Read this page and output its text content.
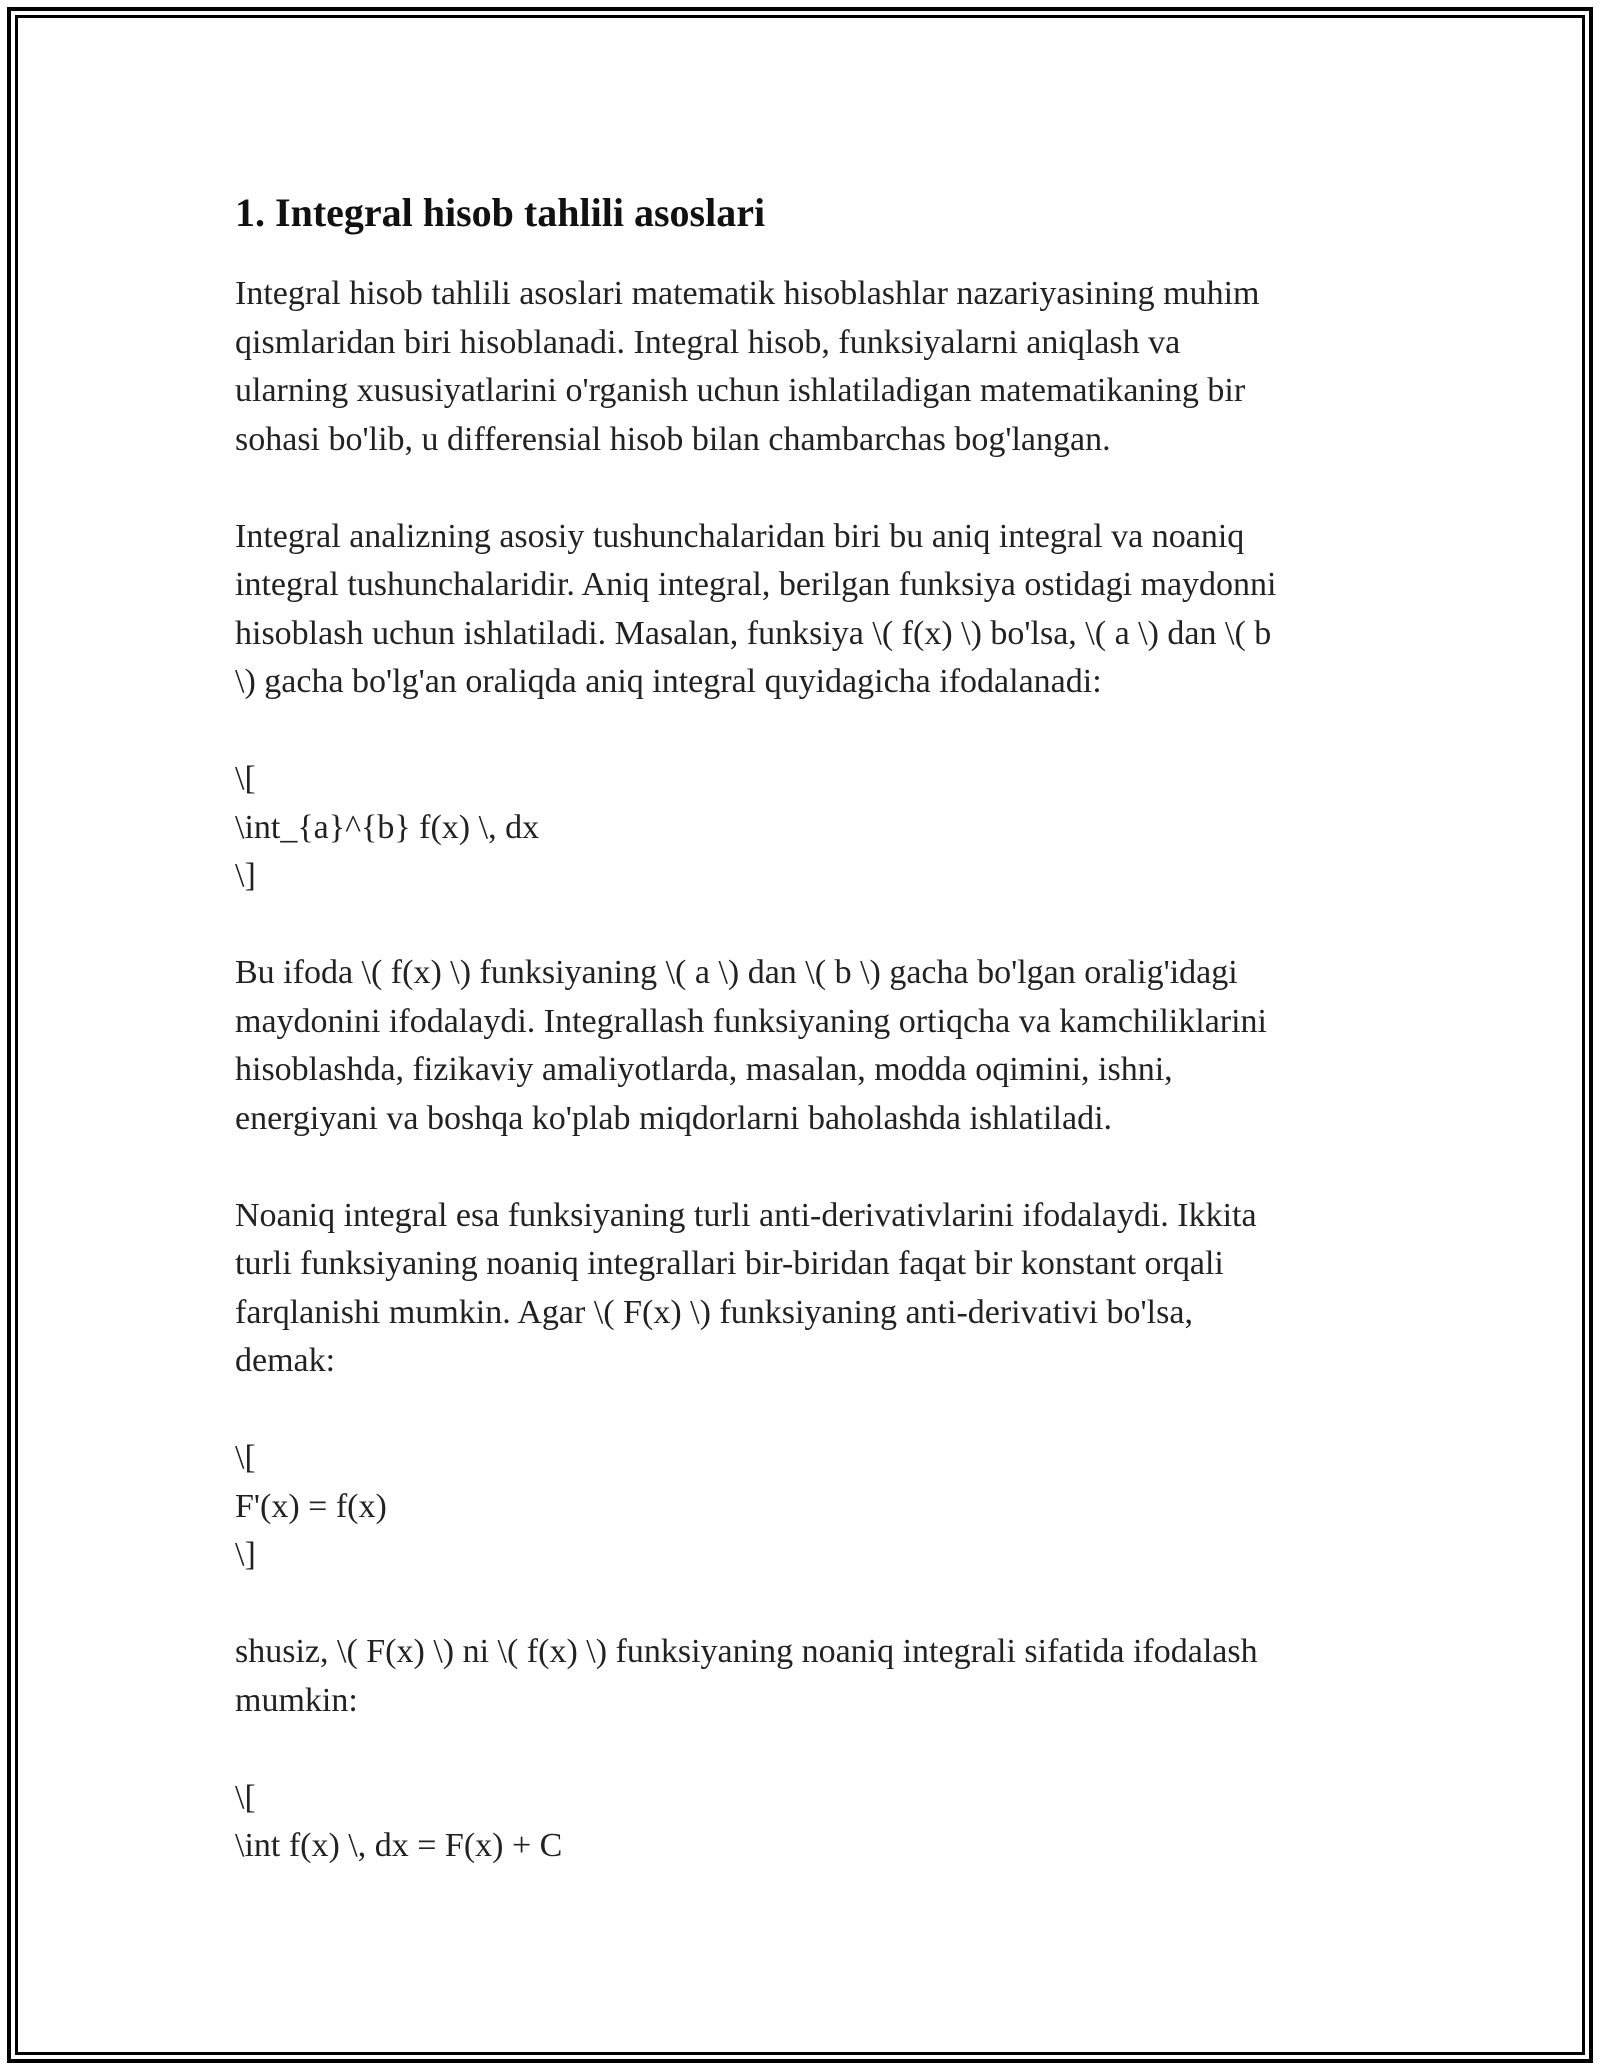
1. Integral hisob tahlili asoslari

Integral hisob tahlili asoslari matematik hisoblashlar nazariyasining muhim
qismlaridan biri hisoblanadi. Integral hisob, funksiyalarni aniqlash va
ularning xususiyatlarini o'rganish uchun ishlatiladigan matematikaning bir
sohasi bo'lib, u differensial hisob bilan chambarchas bog'langan.

Integral analizning asosiy tushunchalaridan biri bu aniq integral va noaniq
integral tushunchalaridir. Aniq integral, berilgan funksiya ostidagi maydonni
hisoblash uchun ishlatiladi. Masalan, funksiya \( f(x) \) bo'lsa, \( a \) dan \( b
\) gacha bo'lg'an oraliqda aniq integral quyidagicha ifodalanadi:

\[
\int_{a}^{b} f(x) \, dx
\]

Bu ifoda \( f(x) \) funksiyaning \( a \) dan \( b \) gacha bo'lgan oralig'idagi
maydonini ifodalaydi. Integrallash funksiyaning ortiqcha va kamchiliklarini
hisoblashda, fizikaviy amaliyotlarda, masalan, modda oqimini, ishni,
energiyani va boshqa ko'plab miqdorlarni baholashda ishlatiladi.

Noaniq integral esa funksiyaning turli anti-derivativlarini ifodalaydi. Ikkita
turli funksiyaning noaniq integrallari bir-biridan faqat bir konstant orqali
farqlanishi mumkin. Agar \( F(x) \) funksiyaning anti-derivativi bo'lsa,
demak:

\[
F'(x) = f(x)
\]

shusiz, \( F(x) \) ni \( f(x) \) funksiyaning noaniq integrali sifatida ifodalash
mumkin:

\[
\int f(x) \, dx = F(x) + C
